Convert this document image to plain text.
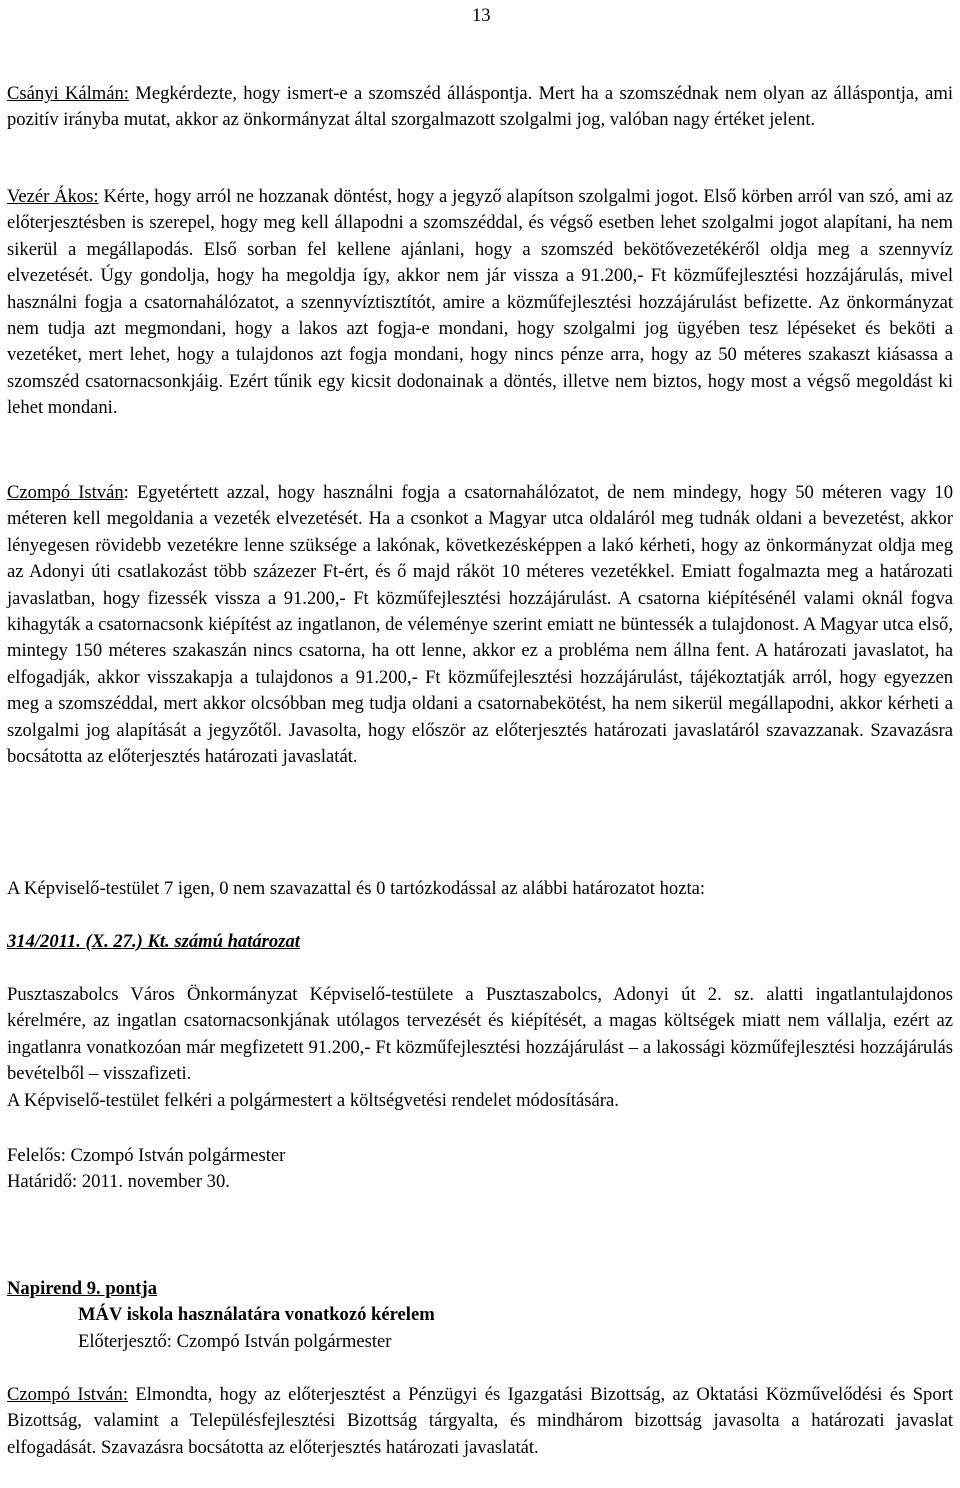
13

Csányi Kálmán: Megkérdezte, hogy ismert-e a szomszéd álláspontja. Mert ha a szomszédnak nem olyan az álláspontja, ami pozitív irányba mutat, akkor az önkormányzat által szorgalmazott szolgalmi jog, valóban nagy értéket jelent.

Vezér Ákos: Kérte, hogy arról ne hozzanak döntést, hogy a jegyző alapítson szolgalmi jogot. Első körben arról van szó, ami az előterjesztésben is szerepel, hogy meg kell állapodni a szomszéddal, és végső esetben lehet szolgalmi jogot alapítani, ha nem sikerül a megállapodás. Első sorban fel kellene ajánlani, hogy a szomszéd bekötővezetékéről oldja meg a szennyvíz elvezetését. Úgy gondolja, hogy ha megoldja így, akkor nem jár vissza a 91.200,- Ft közműfejlesztési hozzájárulás, mivel használni fogja a csatornahálózatot, a szennyvíztisztítót, amire a közműfejlesztési hozzájárulást befizette. Az önkormányzat nem tudja azt megmondani, hogy a lakos azt fogja-e mondani, hogy szolgalmi jog ügyében tesz lépéseket és beköti a vezetéket, mert lehet, hogy a tulajdonos azt fogja mondani, hogy nincs pénze arra, hogy az 50 méteres szakaszt kiásassa a szomszéd csatornacsonkjáig. Ezért tűnik egy kicsit dodonainak a döntés, illetve nem biztos, hogy most a végső megoldást ki lehet mondani.

Czompó István: Egyetértett azzal, hogy használni fogja a csatornahálózatot, de nem mindegy, hogy 50 méteren vagy 10 méteren kell megoldania a vezeték elvezetését. Ha a csonkot a Magyar utca oldaláról meg tudnák oldani a bevezetést, akkor lényegesen rövidebb vezetékre lenne szüksége a lakónak, következésképpen a lakó kérheti, hogy az önkormányzat oldja meg az Adonyi úti csatlakozást több százezer Ft-ért, és ő majd ráköt 10 méteres vezetékkel. Emiatt fogalmazta meg a határozati javaslatban, hogy fizessék vissza a 91.200,- Ft közműfejlesztési hozzájárulást. A csatorna kiépítésénél valami oknál fogva kihagyták a csatornacsonk kiépítést az ingatlanon, de véleménye szerint emiatt ne büntessék a tulajdonost. A Magyar utca első, mintegy 150 méteres szakaszán nincs csatorna, ha ott lenne, akkor ez a probléma nem állna fent. A határozati javaslatot, ha elfogadják, akkor visszakapja a tulajdonos a 91.200,- Ft közműfejlesztési hozzájárulást, tájékoztatják arról, hogy egyezzen meg a szomszéddal, mert akkor olcsóbban meg tudja oldani a csatornabekötést, ha nem sikerül megállapodni, akkor kérheti a szolgalmi jog alapítását a jegyzőtől. Javasolta, hogy először az előterjesztés határozati javaslatáról szavazzanak. Szavazásra bocsátotta az előterjesztés határozati javaslatát.

A Képviselő-testület 7 igen, 0 nem szavazattal és 0 tartózkodással az alábbi határozatot hozta:

314/2011. (X. 27.) Kt. számú határozat

Pusztaszabolcs Város Önkormányzat Képviselő-testülete a Pusztaszabolcs, Adonyi út 2. sz. alatti ingatlantulajdonos kérelmére, az ingatlan csatornacsonkjának utólagos tervezését és kiépítését, a magas költségek miatt nem vállalja, ezért az ingatlanra vonatkozóan már megfizetett 91.200,- Ft közműfejlesztési hozzájárulást – a lakossági közműfejlesztési hozzájárulás bevételből – visszafizeti.

A Képviselő-testület felkéri a polgármestert a költségvetési rendelet módosítására.

Felelős: Czompó István polgármester

Határidő: 2011. november 30.

Napirend 9. pontja

MÁV iskola használatára vonatkozó kérelem

Előterjesztő: Czompó István polgármester

Czompó István: Elmondta, hogy az előterjesztést a Pénzügyi és Igazgatási Bizottság, az Oktatási Közművelődési és Sport Bizottság, valamint a Településfejlesztési Bizottság tárgyalta, és mindhárom bizottság javasolta a határozati javaslat elfogadását. Szavazásra bocsátotta az előterjesztés határozati javaslatát.
